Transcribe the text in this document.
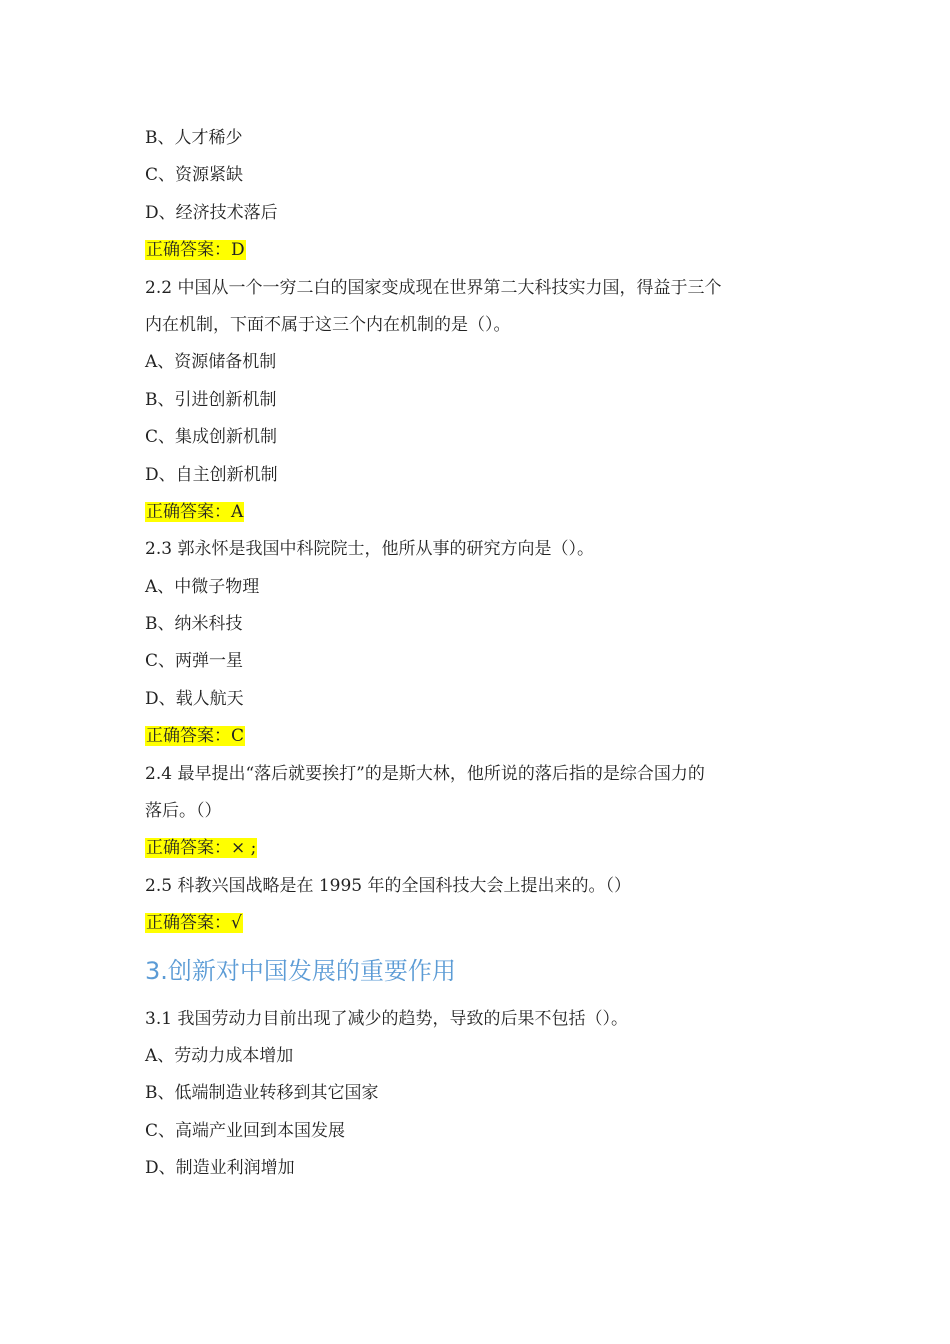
B、人才稀少
C、资源紧缺
D、经济技术落后
正确答案：D
2.2 中国从一个一穷二白的国家变成现在世界第二大科技实力国，得益于三个
内在机制，下面不属于这三个内在机制的是（）。
A、资源储备机制
B、引进创新机制
C、集成创新机制
D、自主创新机制
正确答案：A
2.3 郭永怀是我国中科院院士，他所从事的研究方向是（）。
A、中微子物理
B、纳米科技
C、两弹一星
D、载人航天
正确答案：C
2.4 最早提出“落后就要挨打”的是斯大林，他所说的落后指的是综合国力的
落后。（）
正确答案：× ;
2.5 科教兴国战略是在 1995 年的全国科技大会上提出来的。（）
正确答案：√
3.创新对中国发展的重要作用
3.1 我国劳动力目前出现了减少的趋势，导致的后果不包括（）。
A、劳动力成本增加
B、低端制造业转移到其它国家
C、高端产业回到本国发展
D、制造业利润增加
